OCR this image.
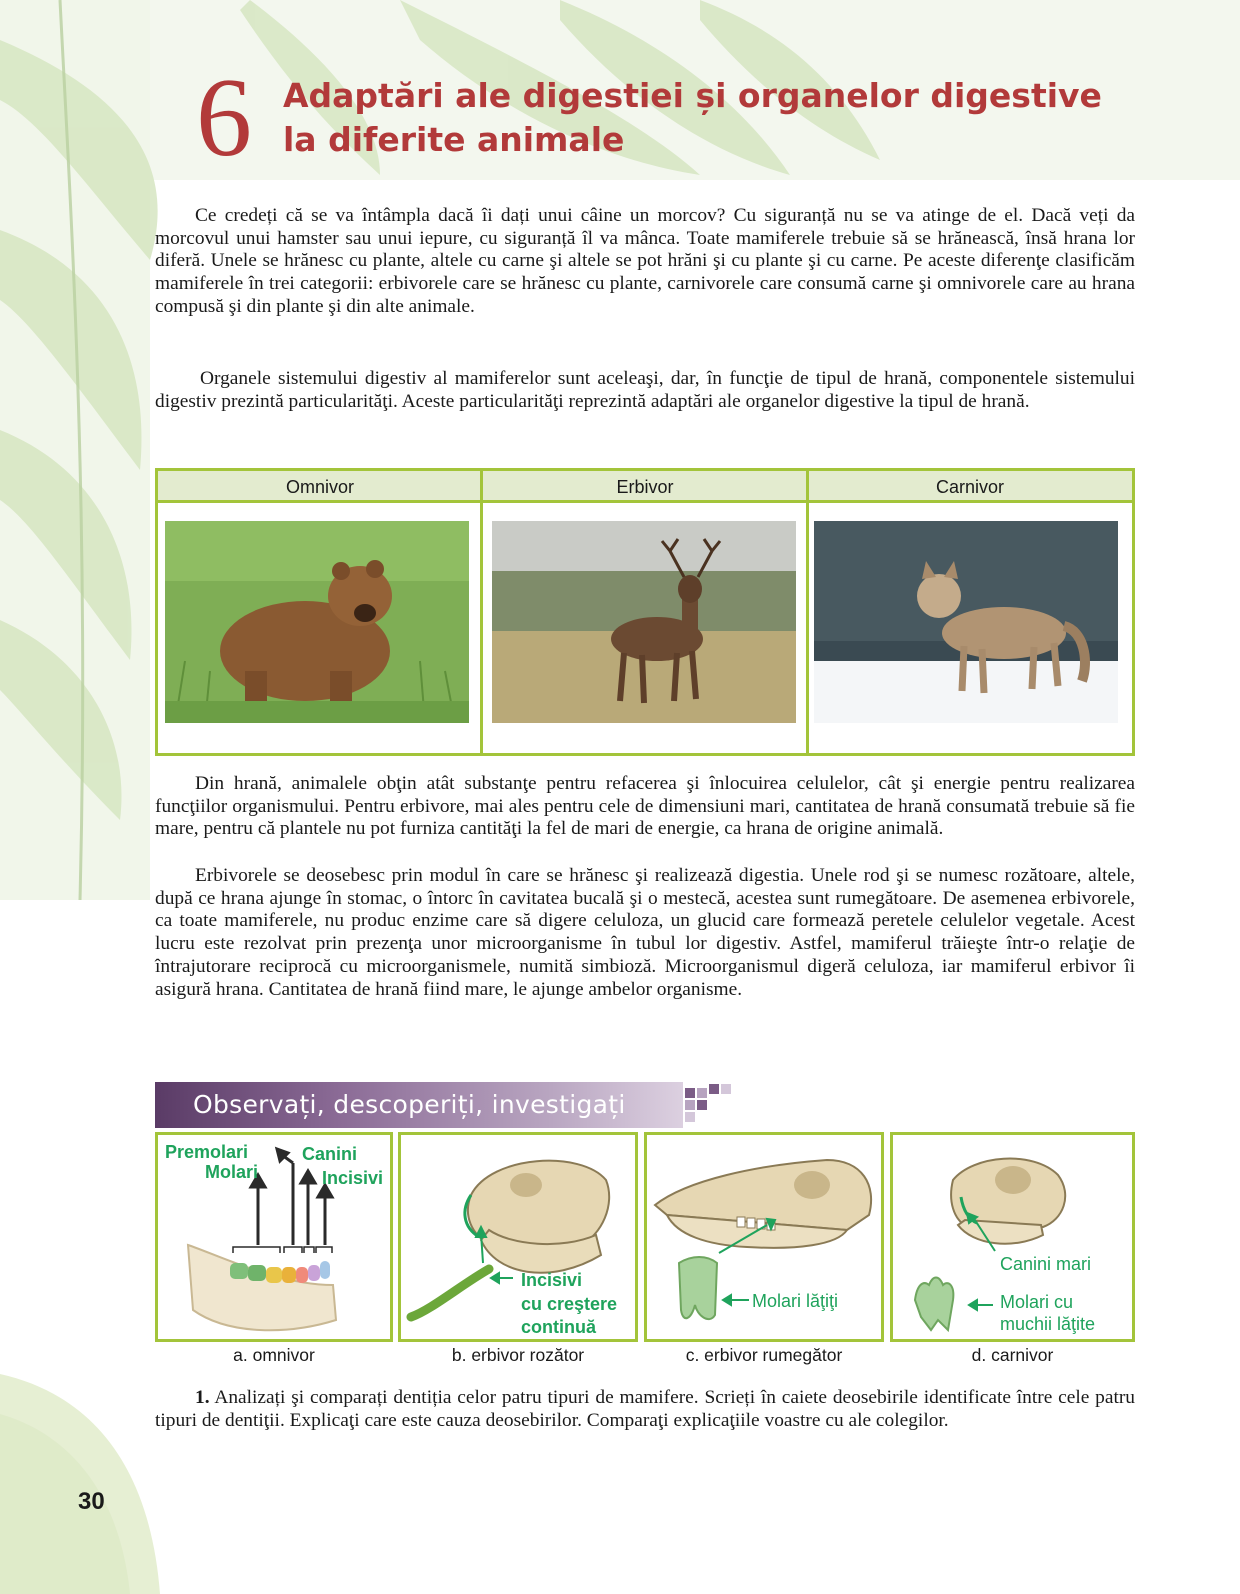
6 Adaptări ale digestiei și organelor digestive
la diferite animale
Ce credeți că se va întâmpla dacă îi dați unui câine un morcov? Cu siguranță nu se va atinge de el. Dacă veți da morcovul unui hamster sau unui iepure, cu siguranță îl va mânca. Toate mamiferele trebuie să se hrănească, însă hrana lor diferă. Unele se hrănesc cu plante, altele cu carne şi altele se pot hrăni şi cu plante şi cu carne. Pe aceste diferenţe clasificăm mamiferele în trei categorii: erbivorele care se hrănesc cu plante, carnivorele care consumă carne şi omnivorele care au hrana compusă şi din plante şi din alte animale.
Organele sistemului digestiv al mamiferelor sunt aceleaşi, dar, în funcţie de tipul de hrană, componentele sistemului digestiv prezintă particularităţi. Aceste particularităţi reprezintă adaptări ale organelor digestive la tipul de hrană.
Omnivor	Erbivor	Carnivor
Din hrană, animalele obţin atât substanţe pentru refacerea şi înlocuirea celulelor, cât şi energie pentru realizarea funcţiilor organismului. Pentru erbivore, mai ales pentru cele de dimensiuni mari, cantitatea de hrană consumată trebuie să fie mare, pentru că plantele nu pot furniza cantităţi la fel de mari de energie, ca hrana de origine animală.
Erbivorele se deosebesc prin modul în care se hrănesc şi realizează digestia. Unele rod şi se numesc rozătoare, altele, după ce hrana ajunge în stomac, o întorc în cavitatea bucală şi o mestecă, acestea sunt rumegătoare. De asemenea erbivorele, ca toate mamiferele, nu produc enzime care să digere celuloza, un glucid care formează peretele celulelor vegetale. Acest lucru este rezolvat prin prezenţa unor microorganisme în tubul lor digestiv. Astfel, mamiferul trăieşte într-o relaţie de întrajutorare reciprocă cu microorganismele, numită simbioză. Microorganismul digeră celuloza, iar mamiferul erbivor îi asigură hrana. Cantitatea de hrană fiind mare, le ajunge ambelor organisme.
Observați, descoperiți, investigați
Premolari
Molari
Canini
Incisivi
Incisivi
cu creştere
continuă
Molari lăţiţi
Canini mari
Molari cu
muchii lăţite
a. omnivor	b. erbivor rozător	c. erbivor rumegător	d. carnivor
1. Analizați şi comparați dentiția celor patru tipuri de mamifere. Scrieți în caiete deosebirile identificate între cele patru tipuri de dentiţii. Explicaţi care este cauza deosebirilor. Comparaţi explicaţiile voastre cu ale colegilor.
30
